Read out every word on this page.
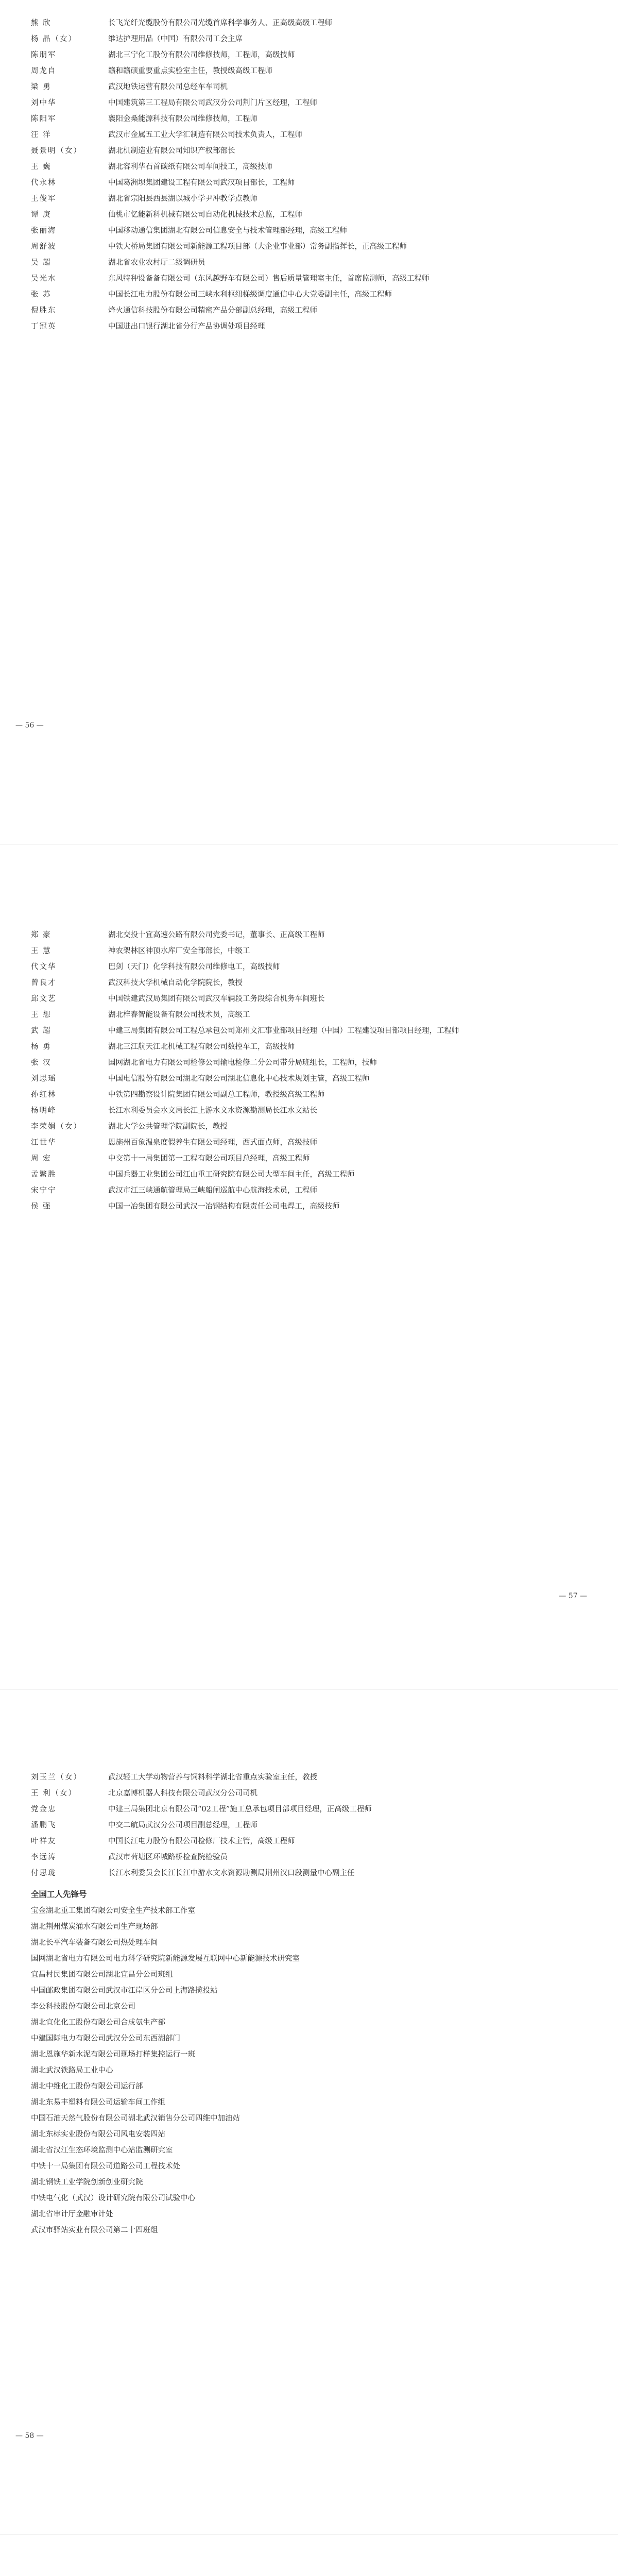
熊 欣	长飞光纤光缆股份有限公司光缆首席科学事务人、正高级高级工程师
杨 晶（女）	维达护理用品（中国）有限公司工会主席
陈朋军	湖北三宁化工股份有限公司维修技师，工程师，高级技师
周龙自	赣和赣硕重要重点实验室主任，教授级高级工程师
梁 勇	武汉地铁运营有限公司总经车车司机
刘中华	中国建筑第三工程局有限公司武汉分公司荆门片区经理，工程师
陈阳军	襄阳金桑能源科技有限公司维修技师，工程师
汪 洋	武汉市金属五工业大学汇制造有限公司技术负责人，工程师
聂景明（女）	湖北机制造业有限公司知识产权部部长
王 巍	湖北容利华石首碳纸有限公司车间技工，高级技师
代永林	中国葛洲坝集团建设工程有限公司武汉项目部长，工程师
王俊军	湖北省宗阳县西县湖以城小学尹冲教学点教师
谭 庚	仙桃市忆能新科机械有限公司自动化机械技术总监，工程师
张丽海	中国移动通信集团湖北有限公司信息安全与技术管理部经理，高级工程师
周舒波	中铁大桥局集团有限公司新能源工程项目部（大企业事业部）常务副指挥长，正高级工程师
吴 超	湖北省农业农村厅二级调研员
吴光水	东风特种设备备有限公司（东风越野车有限公司）售后质量管理室主任，首席监测师，高级工程师
张 苏	中国长江电力股份有限公司三峡水利枢纽梯级调度通信中心大党委副主任，高级工程师
倪胜东	烽火通信科技股份有限公司精密产品分部副总经理，高级工程师
丁冠英	中国进出口银行湖北省分行产品协调处项目经理
— 56 —
郑 豪	湖北交投十宜高速公路有限公司党委书记，董事长、正高级工程师
王 慧	神农架林区神顶水库厂安全部部长，中级工
代文华	巴剑（天门）化学科技有限公司维修电工，高级技师
曾良才	武汉科技大学机械自动化学院院长，教授
邱文艺	中国铁建武汉局集团有限公司武汉车辆段工务段综合机务车间班长
王 想	湖北梓春智能设备有限公司技术员，高级工
武 超	中建三局集团有限公司工程总承包公司郑州文汇事业部项目经理（中国）工程建设项目部项目经理，工程师
杨 勇	湖北三江航天江北机械工程有限公司数控车工，高级技师
张 汉	国网湖北省电力有限公司检修公司输电检修二分公司带分局班组长，工程师，技师
刘思瑶	中国电信股份有限公司湖北有限公司湖北信息化中心技术规划主管，高级工程师
孙红林	中铁第四勘察设计院集团有限公司副总工程师，教授级高级工程师
杨明峰	长江水利委员会水文局长江上游水文水资源勘测局长江水文站长
李荣娟（女）	湖北大学公共管理学院副院长，教授
江世华	恩施州百象温泉度假养生有限公司经理，西式面点师，高级技师
周 宏	中交第十一局集团第一工程有限公司项目总经理，高级工程师
孟繁胜	中国兵器工业集团公司江山重工研究院有限公司大型车间主任，高级工程师
宋宁宁	武汉市江三峡通航管理局三峡船闸巡航中心航海技术员，工程师
侯 强	中国一冶集团有限公司武汉一冶钢结构有限责任公司电焊工，高级技师
— 57 —
刘玉兰（女）	武汉轻工大学动物营养与饲料科学湖北省重点实验室主任，教授
王 利（女）	北京嘉博机器人科技有限公司武汉分公司司机
党金忠	中建三局集团北京有限公司“02工程”施工总承包项目部项目经理，正高级工程师
潘鹏飞	中交二航局武汉分公司项目副总经理，工程师
叶祥友	中国长江电力股份有限公司检修厂技术主管，高级工程师
李远涛	武汉市荷塘区环城路桥检查院检验员
付思珑	长江水利委员会长江长江中游水文水资源勘测局荆州汉口段测量中心副主任
全国工人先锋号
宝金湖北重工集团有限公司安全生产技术部工作室
湖北荆州煤炭涌水有限公司生产现场部
湖北长平汽车装备有限公司热处理车间
国网湖北省电力有限公司电力科学研究院新能源发展互联网中心新能源技术研究室
宜昌村民集团有限公司湖北宜昌分公司班组
中国邮政集团有限公司武汉市江岸区分公司上海路揽投站
李公科技股份有限公司北京公司
湖北宜化化工股份有限公司合成氨生产部
中建国际电力有限公司武汉分公司东西湖部门
湖北恩施华新水泥有限公司现场打样集控运行一班
湖北武汉铁路局工业中心
湖北中维化工股份有限公司运行部
湖北东易丰塑料有限公司运输车间工作组
中国石油天然气股份有限公司湖北武汉销售分公司四维中加油站
湖北东标实业股份有限公司风电安装四站
湖北省汉江生态环境监测中心站监测研究室
中铁十一局集团有限公司道路公司工程技术处
湖北钢铁工业学院创新创业研究院
中铁电气化（武汉）设计研究院有限公司试验中心
湖北省审计厅金融审计处
武汉市驿站实业有限公司第二十四班组
— 58 —
